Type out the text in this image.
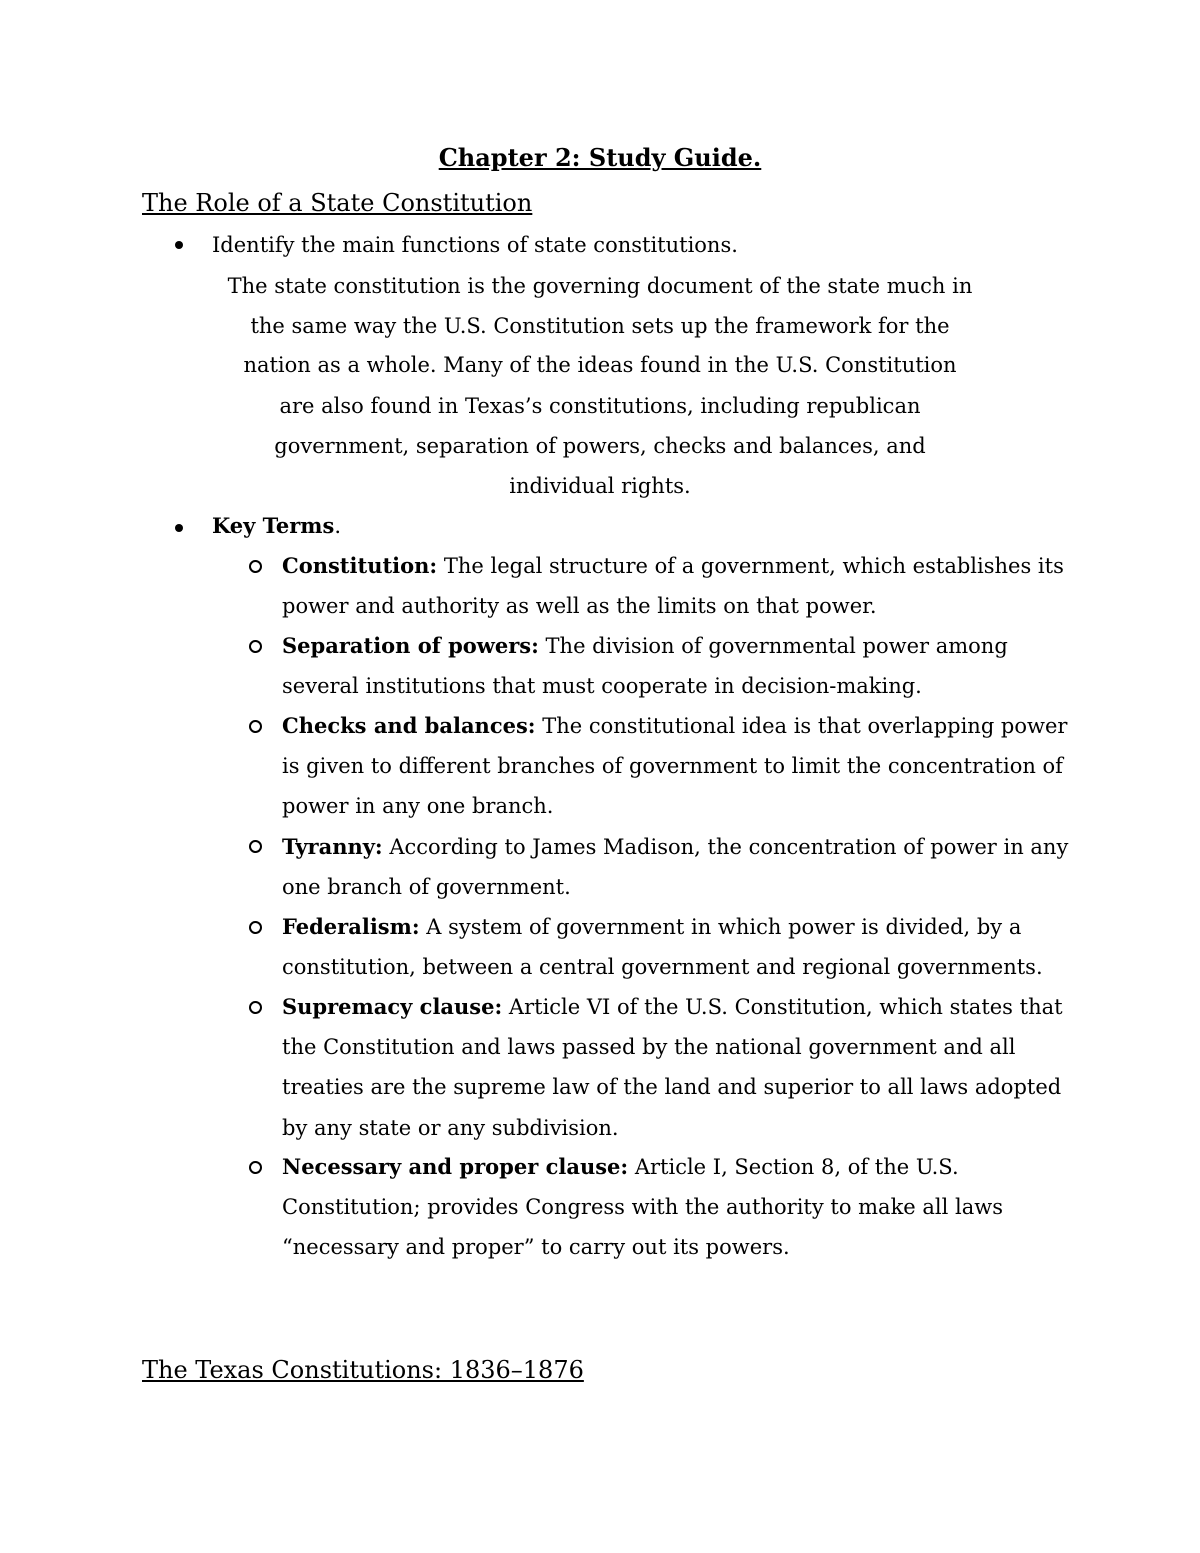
Chapter 2: Study Guide.
The Role of a State Constitution

Identify the main functions of state constitutions.

The state constitution is the governing document of the state much in

the same way the U.S. Constitution sets up the framework for the

nation as a whole. Many of the ideas found in the U.S. Constitution

are also found in Texas’s constitutions, including republican

government, separation of powers, checks and balances, and

individual rights.

Key Terms.

Constitution: The legal structure of a government, which establishes its power and authority as well as the limits on that power.

Separation of powers: The division of governmental power among several institutions that must cooperate in decision-making.

Checks and balances: The constitutional idea is that overlapping power is given to different branches of government to limit the concentration of power in any one branch.

Tyranny: According to James Madison, the concentration of power in any one branch of government.

Federalism: A system of government in which power is divided, by a constitution, between a central government and regional governments.

Supremacy clause: Article VI of the U.S. Constitution, which states that the Constitution and laws passed by the national government and all treaties are the supreme law of the land and superior to all laws adopted by any state or any subdivision.

Necessary and proper clause: Article I, Section 8, of the U.S. Constitution; provides Congress with the authority to make all laws “necessary and proper” to carry out its powers.

The Texas Constitutions: 1836–1876
